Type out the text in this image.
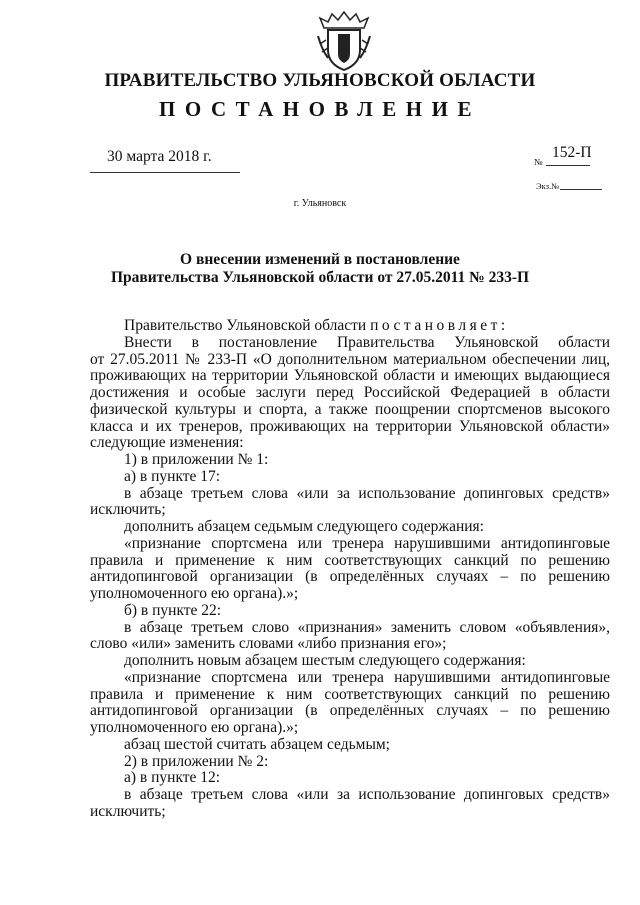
ПРАВИТЕЛЬСТВО УЛЬЯНОВСКОЙ ОБЛАСТИ
ПОСТАНОВЛЕНИЕ
30 марта 2018 г.	№
152-П
Экз.№
г. Ульяновск
О внесении изменений в постановление
Правительства Ульяновской области от 27.05.2011 № 233-П

Правительство Ульяновской области постановляет:

Внести в постановление Правительства Ульяновской области

от 27.05.2011 № 233-П «О дополнительном материальном обеспечении лиц, проживающих на территории Ульяновской области и имеющих выдающиеся достижения и особые заслуги перед Российской Федерацией в области физической культуры и спорта, а также поощрении спортсменов высокого класса и их тренеров, проживающих на территории Ульяновской области» следующие изменения:

1) в приложении № 1:

а) в пункте 17:

в абзаце третьем слова «или за использование допинговых средств» исключить;

дополнить абзацем седьмым следующего содержания:

«признание спортсмена или тренера нарушившими антидопинговые правила и применение к ним соответствующих санкций по решению антидопинговой организации (в определённых случаях – по решению уполномоченного ею органа).»;

б) в пункте 22:

в абзаце третьем слово «признания» заменить словом «объявления», слово «или» заменить словами «либо признания его»;

дополнить новым абзацем шестым следующего содержания:

«признание спортсмена или тренера нарушившими антидопинговые правила и применение к ним соответствующих санкций по решению антидопинговой организации (в определённых случаях – по решению уполномоченного ею органа).»;

абзац шестой считать абзацем седьмым;

2) в приложении № 2:

а) в пункте 12:

в абзаце третьем слова «или за использование допинговых средств» исключить;
